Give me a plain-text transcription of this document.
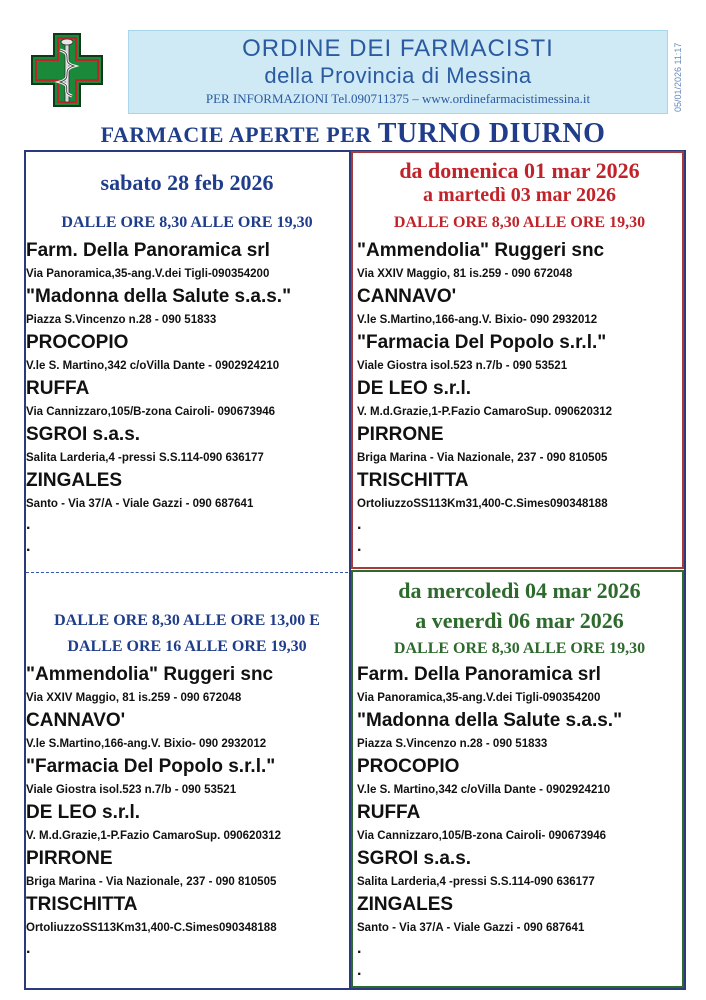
ORDINE DEI FARMACISTI
della Provincia di Messina
PER INFORMAZIONI Tel.090711375 – www.ordinefarmacistimessina.it	05/01/2026 11:17
FARMACIE APERTE PER TURNO DIURNO
sabato 28 feb 2026
DALLE ORE 8,30 ALLE ORE 19,30
Farm. Della Panoramica srl
Via Panoramica,35-ang.V.dei Tigli-090354200
"Madonna della Salute s.a.s."
Piazza S.Vincenzo n.28 - 090 51833
PROCOPIO
V.le S. Martino,342 c/oVilla Dante - 0902924210
RUFFA
Via Cannizzaro,105/B-zona Cairoli- 090673946
SGROI s.a.s.
Salita Larderia,4 -pressi S.S.114-090 636177
ZINGALES
Santo - Via 37/A - Viale Gazzi - 090 687641
.
.
da domenica 01 mar 2026
a martedì 03 mar 2026
DALLE ORE 8,30 ALLE ORE 19,30
"Ammendolia" Ruggeri snc
Via XXIV Maggio, 81 is.259 - 090 672048
CANNAVO'
V.le S.Martino,166-ang.V. Bixio- 090 2932012
"Farmacia Del Popolo s.r.l."
Viale Giostra isol.523 n.7/b - 090 53521
DE LEO s.r.l.
V. M.d.Grazie,1-P.Fazio CamaroSup. 090620312
PIRRONE
Briga Marina - Via Nazionale, 237 - 090 810505
TRISCHITTA
OrtoliuzzoSS113Km31,400-C.Simes090348188
.
.
DALLE ORE 8,30 ALLE ORE 13,00 E
DALLE ORE 16 ALLE ORE 19,30
"Ammendolia" Ruggeri snc
Via XXIV Maggio, 81 is.259 - 090 672048
CANNAVO'
V.le S.Martino,166-ang.V. Bixio- 090 2932012
"Farmacia Del Popolo s.r.l."
Viale Giostra isol.523 n.7/b - 090 53521
DE LEO s.r.l.
V. M.d.Grazie,1-P.Fazio CamaroSup. 090620312
PIRRONE
Briga Marina - Via Nazionale, 237 - 090 810505
TRISCHITTA
OrtoliuzzoSS113Km31,400-C.Simes090348188
.
da mercoledì 04 mar 2026
a venerdì 06 mar 2026
DALLE ORE 8,30 ALLE ORE 19,30
Farm. Della Panoramica srl
Via Panoramica,35-ang.V.dei Tigli-090354200
"Madonna della Salute s.a.s."
Piazza S.Vincenzo n.28 - 090 51833
PROCOPIO
V.le S. Martino,342 c/oVilla Dante - 0902924210
RUFFA
Via Cannizzaro,105/B-zona Cairoli- 090673946
SGROI s.a.s.
Salita Larderia,4 -pressi S.S.114-090 636177
ZINGALES
Santo - Via 37/A - Viale Gazzi - 090 687641
.
.
